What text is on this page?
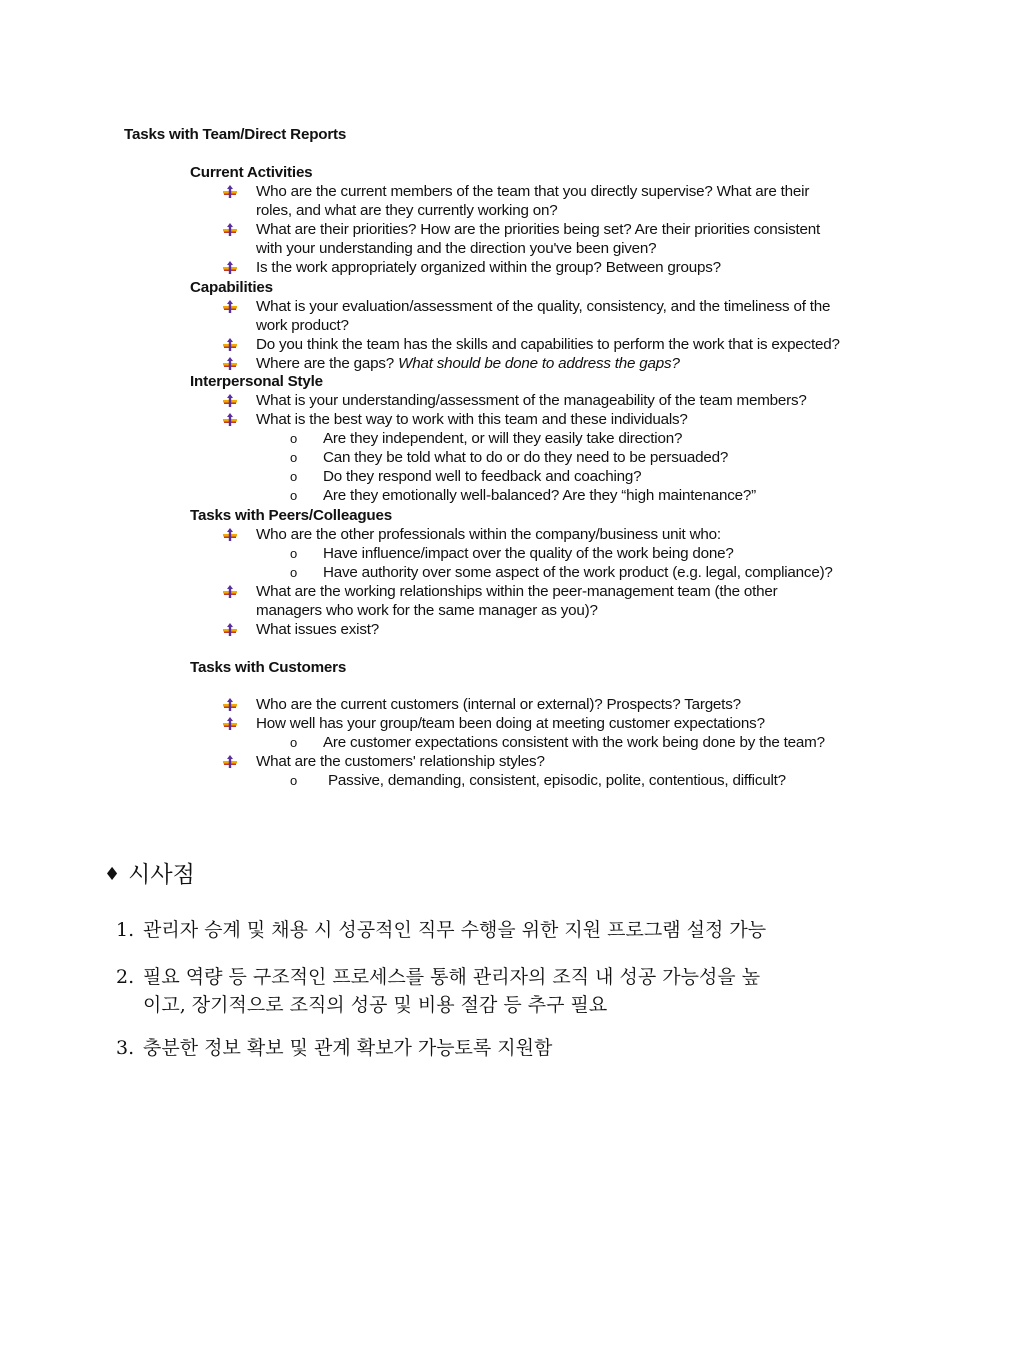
Tasks with Team/Direct Reports
Current Activities
Who are the current members of the team that you directly supervise? What are their
roles, and what are they currently working on?
What are their priorities? How are the priorities being set? Are their priorities consistent
with your understanding and the direction you've been given?
Is the work appropriately organized within the group? Between groups?
Capabilities
What is your evaluation/assessment of the quality, consistency, and the timeliness of the
work product?
Do you think the team has the skills and capabilities to perform the work that is expected?
Where are the gaps? What should be done to address the gaps?
Interpersonal Style
What is your understanding/assessment of the manageability of the team members?
What is the best way to work with this team and these individuals?
o Are they independent, or will they easily take direction?
o Can they be told what to do or do they need to be persuaded?
o Do they respond well to feedback and coaching?
o Are they emotionally well-balanced? Are they “high maintenance?”
Tasks with Peers/Colleagues
Who are the other professionals within the company/business unit who:
o Have influence/impact over the quality of the work being done?
o Have authority over some aspect of the work product (e.g. legal, compliance)?
What are the working relationships within the peer-management team (the other
managers who work for the same manager as you)?
What issues exist?
Tasks with Customers
Who are the current customers (internal or external)? Prospects? Targets?
How well has your group/team been doing at meeting customer expectations?
o Are customer expectations consistent with the work being done by the team?
What are the customers' relationship styles?
o Passive, demanding, consistent, episodic, polite, contentious, difficult?
♦ 시사점
1. 관리자 승계 및 채용 시 성공적인 직무 수행을 위한 지원 프로그램 설정 가능
2. 필요 역량 등 구조적인 프로세스를 통해 관리자의 조직 내 성공 가능성을 높
이고, 장기적으로 조직의 성공 및 비용 절감 등 추구 필요
3. 충분한 정보 확보 및 관계 확보가 가능토록 지원함
